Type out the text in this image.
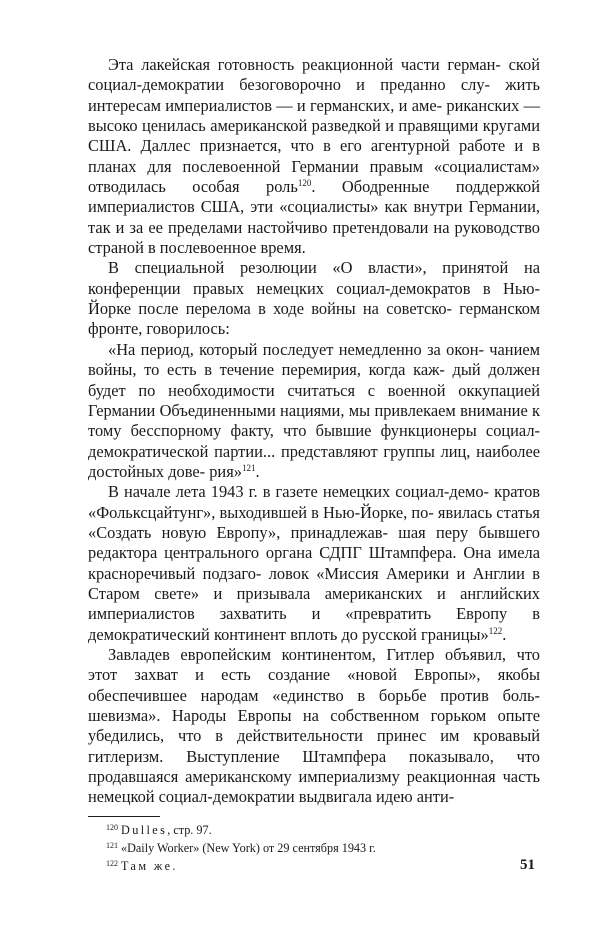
Эта лакейская готовность реакционной части герман- ской социал-демократии безоговорочно и преданно слу- жить интересам империалистов — и германских, и аме- риканских — высоко ценилась американской разведкой и правящими кругами США. Даллес признается, что в его агентурной работе и в планах для послевоенной Германии правым «социалистам» отводилась особая роль$^{120}$. Ободренные поддержкой империалистов США, эти «социалисты» как внутри Германии, так и за ее пределами настойчиво претендовали на руководство страной в послевоенное время.

В специальной резолюции «О власти», принятой на конференции правых немецких социал-демократов в Нью-Йорке после перелома в ходе войны на советско- германском фронте, говорилось:

«На период, который последует немедленно за окон- чанием войны, то есть в течение перемирия, когда каж- дый должен будет по необходимости считаться с военной оккупацией Германии Объединенными нациями, мы привлекаем внимание к тому бесспорному факту, что бывшие функционеры социал-демократической партии... представляют группы лиц, наиболее достойных дове- рия»$^{121}$.

В начале лета 1943 г. в газете немецких социал-демо- кратов «Фольксцайтунг», выходившей в Нью-Йорке, по- явилась статья «Создать новую Европу», принадлежав- шая перу бывшего редактора центрального органа СДПГ Штампфера. Она имела красноречивый подзаго- ловок «Миссия Америки и Англии в Старом свете» и призывала американских и английских империалистов захватить и «превратить Европу в демократический континент вплоть до русской границы»$^{122}$.

Завладев европейским континентом, Гитлер объявил, что этот захват и есть создание «новой Европы», якобы обеспечившее народам «единство в борьбе против боль- шевизма». Народы Европы на собственном горьком опыте убедились, что в действительности принес им кровавый гитлеризм. Выступление Штампфера показывало, что продавшаяся американскому империализму реакционная часть немецкой социал-демократии выдвигала идею анти-

$^{120}$ Dulles, стр. 97.

$^{121}$ «Daily Worker» (New York) от 29 сентября 1943 г.

$^{122}$ Там же.	51
